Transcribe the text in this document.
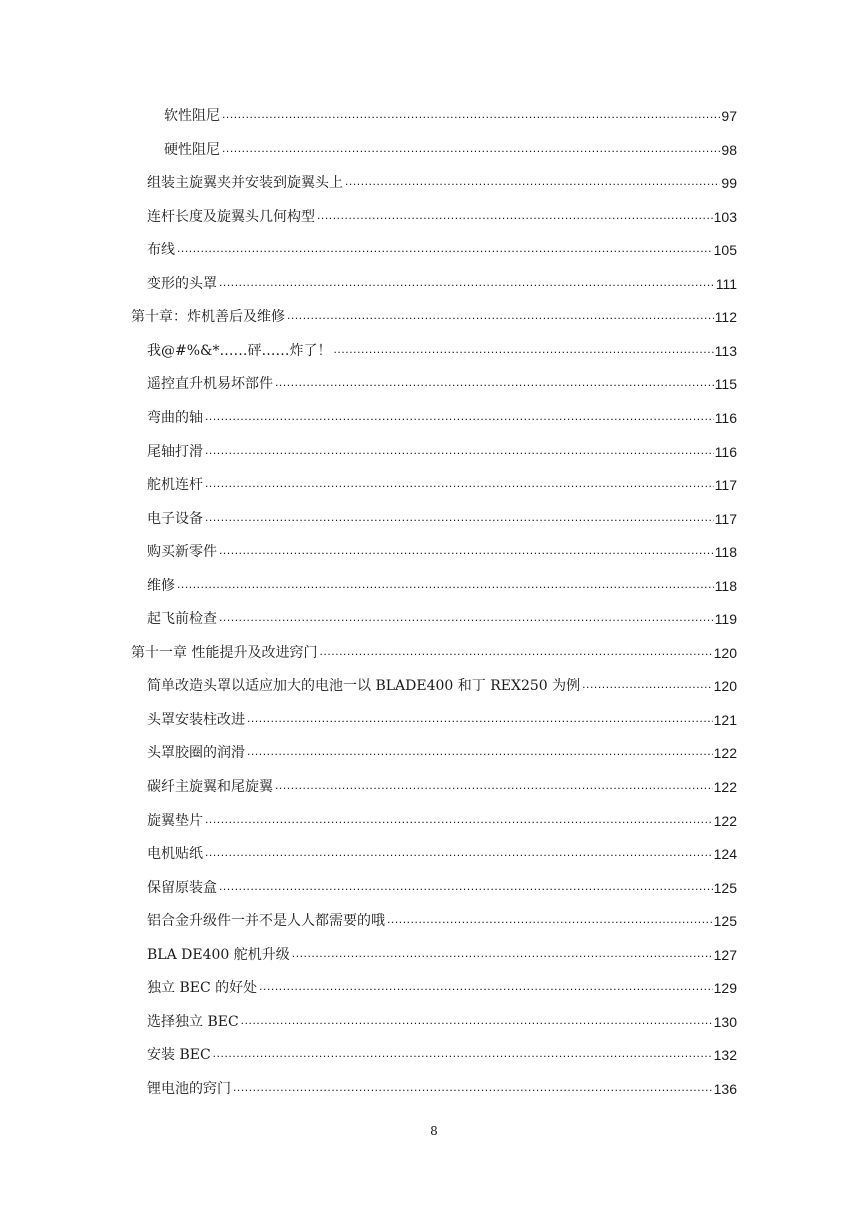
软性阻尼 .....	97
硬性阻尼 .....	98
组装主旋翼夹并安装到旋翼头上 .....	99
连杆长度及旋翼头几何构型 .....	103
布线 .....	105
变形的头罩 .....	111
第十章：炸机善后及维修 .....	112
我@#%&*……砰……炸了！ .....	113
遥控直升机易坏部件 .....	115
弯曲的轴 .....	116
尾轴打滑 .....	116
舵机连杆 .....	117
电子设备 .....	117
购买新零件 .....	118
维修 .....	118
起飞前检查 .....	119
第十一章 性能提升及改进窍门 .....	120
简单改造头罩以适应加大的电池一以 BLADE400 和丁 REX250 为例 .....	120
头罩安装柱改进 .....	121
头罩胶圈的润滑 .....	122
碳纤主旋翼和尾旋翼 .....	122
旋翼垫片 .....	122
电机贴纸 .....	124
保留原装盒 .....	125
铝合金升级件一并不是人人都需要的哦 .....	125
BLA DE400 舵机升级 .....	127
独立 BEC 的好处 .....	129
选择独立 BEC .....	130
安装 BEC .....	132
锂电池的窍门 .....	136
8
